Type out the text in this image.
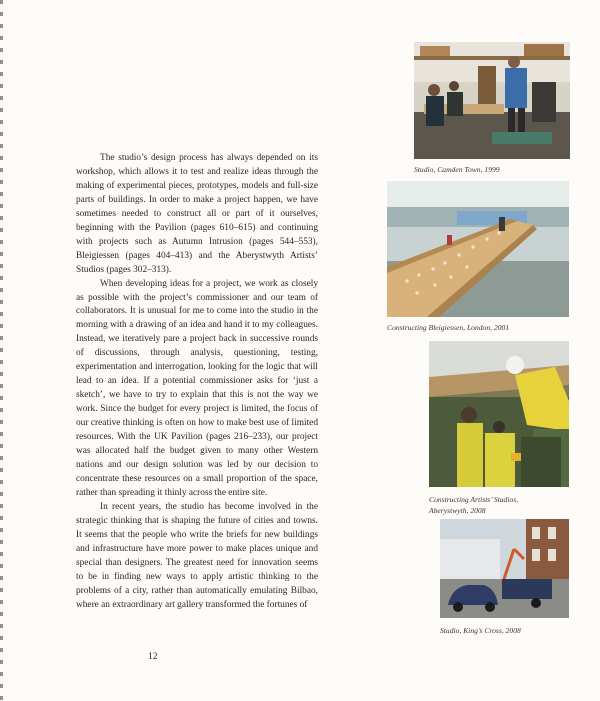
The studio’s design process has always depended on its workshop, which allows it to test and realize ideas through the making of experimental pieces, prototypes, models and full-size parts of buildings. In order to make a project happen, we have sometimes needed to construct all or part of it ourselves, beginning with the Pavilion (pages 610–615) and continuing with projects such as Autumn Intrusion (pages 544–553), Bleigiessen (pages 404–413) and the Aberystwyth Artists’ Studios (pages 302–313).

When developing ideas for a project, we work as closely as possible with the project’s commissioner and our team of collaborators. It is unusual for me to come into the studio in the morning with a drawing of an idea and hand it to my colleagues. Instead, we iteratively pare a project back in successive rounds of discussions, through analysis, questioning, testing, experimentation and interrogation, looking for the logic that will lead to an idea. If a potential commissioner asks for ‘just a sketch’, we have to try to explain that this is not the way we work. Since the budget for every project is limited, the focus of our creative thinking is often on how to make best use of limited resources. With the UK Pavilion (pages 216–233), our project was allocated half the budget given to many other Western nations and our design solution was led by our decision to concentrate these resources on a small proportion of the space, rather than spreading it thinly across the entire site.

In recent years, the studio has become involved in the strategic thinking that is shaping the future of cities and towns. It seems that the people who write the briefs for new buildings and infrastructure have more power to make places unique and special than designers. The greatest need for innovation seems to be in finding new ways to apply artistic thinking to the problems of a city, rather than automatically emulating Bilbao, where an extraordinary art gallery transformed the fortunes of

12
Studio, Camden Town, 1999
Constructing Bleigiessen, London, 2001
Constructing Artists’ Studios,
Aberystwyth, 2008
Studio, King’s Cross, 2008
